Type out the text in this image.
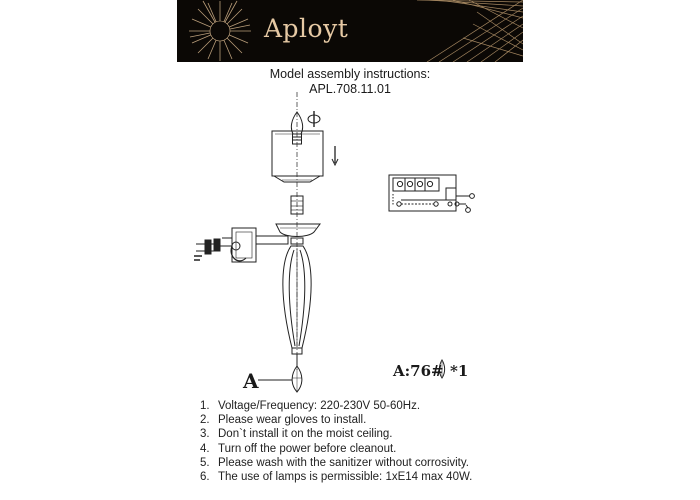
Aployt
Model assembly instructions:
APL.708.11.01
A	A:76# *1
1. Voltage/Frequency: 220-230V 50-60Hz.
2. Please wear gloves to install.
3. Don`t install it on the moist ceiling.
4. Turn off the power before cleanout.
5. Please wash with the sanitizer without corrosivity.
6. The use of lamps is permissible: 1xE14 max 40W.
